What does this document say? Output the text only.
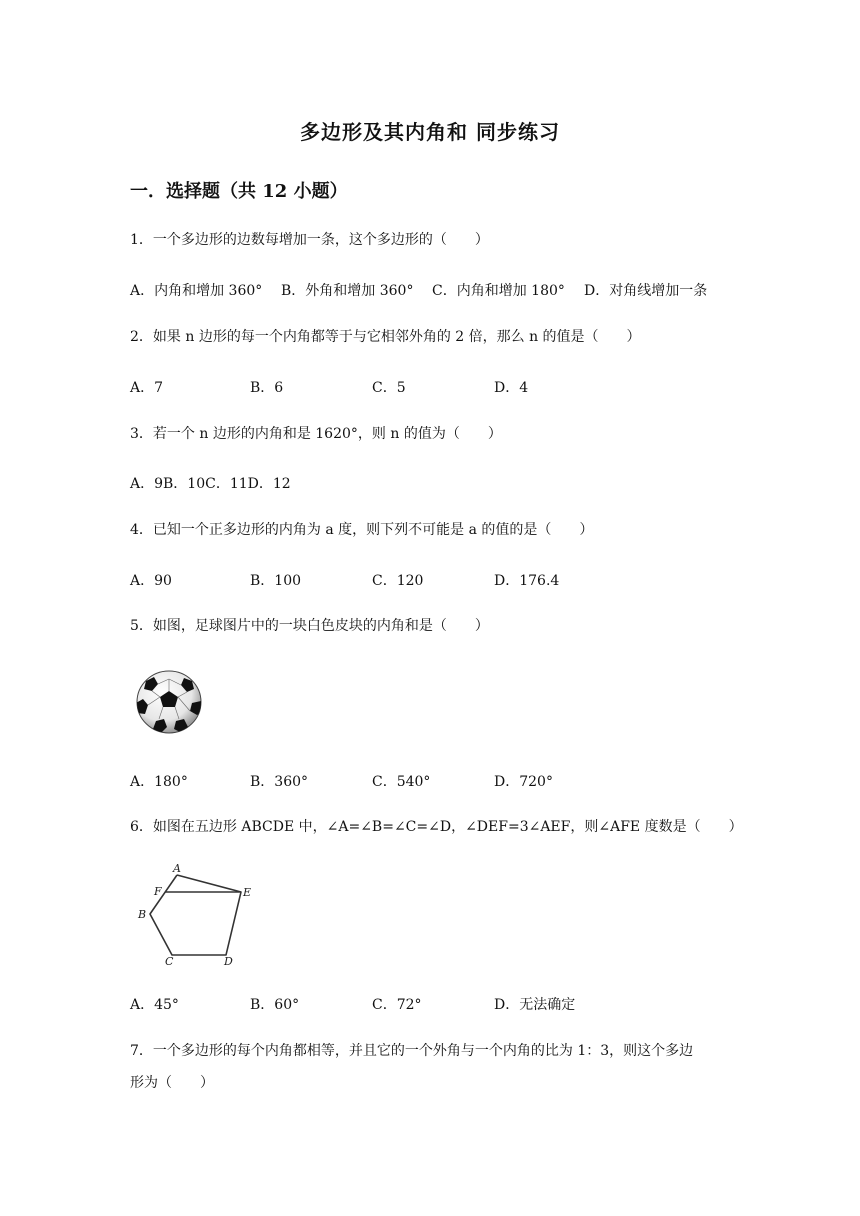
多边形及其内角和 同步练习
一．选择题（共 12 小题）
1．一个多边形的边数每增加一条，这个多边形的（　　）
A．内角和增加 360° B．外角和增加 360° C．内角和增加 180° D．对角线增加一条
2．如果 n 边形的每一个内角都等于与它相邻外角的 2 倍，那么 n 的值是（　　）
A．7	B．6	C．5	D．4
3．若一个 n 边形的内角和是 1620°，则 n 的值为（　　）
A．9B．10C．11D．12
4．已知一个正多边形的内角为 a 度，则下列不可能是 a 的值的是（　　）
A．90	B．100	C．120	D．176.4
5．如图，足球图片中的一块白色皮块的内角和是（　　）
A．180°	B．360°	C．540°	D．720°
6．如图在五边形 ABCDE 中，∠A=∠B=∠C=∠D，∠DEF=3∠AEF，则∠AFE 度数是（　　）
A
F	E
B
C	D
A．45°	B．60°	C．72°	D．无法确定
7．一个多边形的每个内角都相等，并且它的一个外角与一个内角的比为 1：3，则这个多边
形为（　　）
